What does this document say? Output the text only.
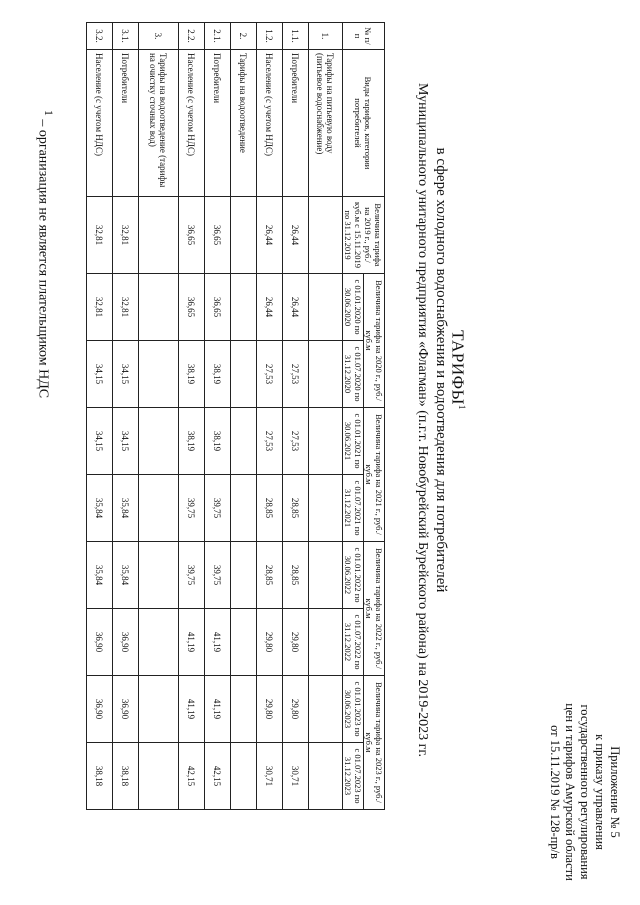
Приложение № 5
к приказу управления
государственного регулирования
цен и тарифов Амурской области
от 15.11.2019 № 128-пр/в
ТАРИФЫ$^1$
в сфере холодного водоснабжения и водоотведения для потребителей
Муниципального унитарного предприятия «Флагман» (п.г.т. Новобурейский Бурейского района) на 2019-2023 гг.
№ п/п	Виды тарифов, категории потребителей	Величина тарифа на 2019 г., руб./куб.м с 15.11.2019 по 31.12.2019	Величина тарифа на 2020 г., руб./куб.м		Величина тарифа на 2021 г., руб./куб.м		Величина тарифа на 2022 г., руб./куб.м		Величина тарифа на 2023 г., руб./куб.м	
			с 01.01.2020 по 30.06.2020	с 01.07.2020 по 31.12.2020	с 01.01.2021 по 30.06.2021	с 01.07.2021 по 31.12.2021	с 01.01.2022 по 30.06.2022	с 01.07.2022 по 31.12.2022	с 01.01.2023 по 30.06.2023	с 01.07.2023 по 31.12.2023
1.	Тарифы на питьевую воду (питьевое водоснабжение)									
1.1.	Потребители	26,44	26,44	27,53	27,53	28,85	28,85	29,80	29,80	30,71
1.2.	Население (с учетом НДС)	26,44	26,44	27,53	27,53	28,85	28,85	29,80	29,80	30,71
2.	Тарифы на водоотведение									
2.1.	Потребители	36,65	36,65	38,19	38,19	39,75	39,75	41,19	41,19	42,15
2.2.	Население (с учетом НДС)	36,65	36,65	38,19	38,19	39,75	39,75	41,19	41,19	42,15
3.	Тарифы на водоотведение (тарифы на очистку сточных вод)									
3.1.	Потребители	32,81	32,81	34,15	34,15	35,84	35,84	36,90	36,90	38,18
3.2.	Население (с учетом НДС)	32,81	32,81	34,15	34,15	35,84	35,84	36,90	36,90	38,18
$^1$ – организация не является плательщиком НДС
